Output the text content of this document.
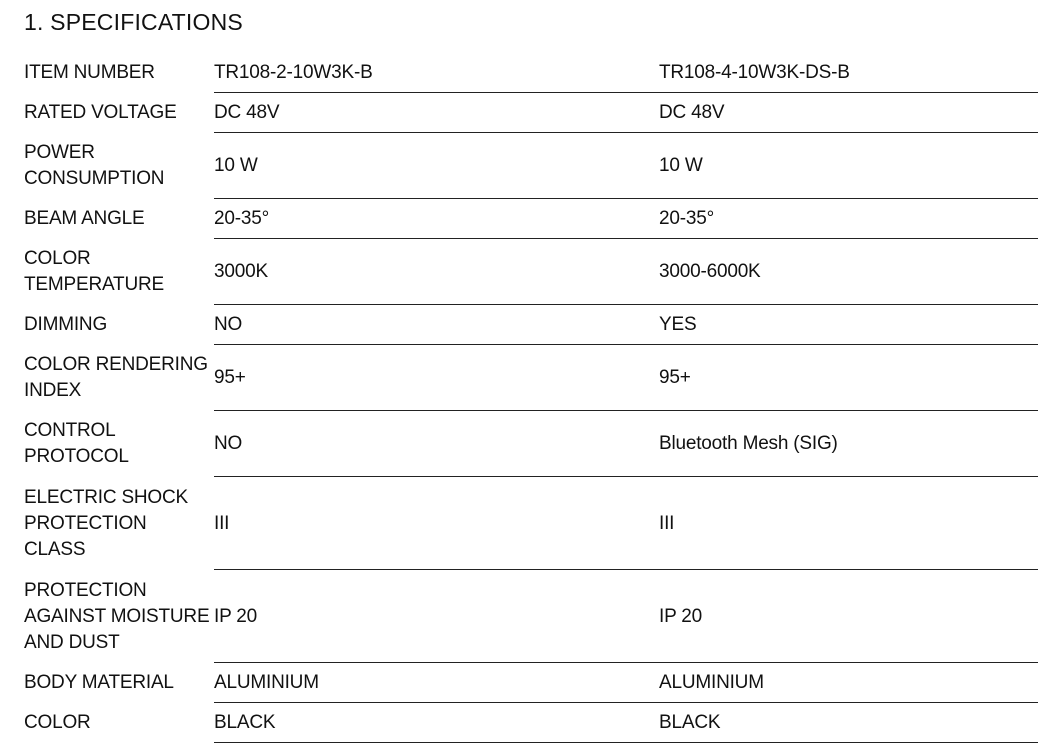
1. SPECIFICATIONS
ITEM NUMBER	TR108-2-10W3K-B	TR108-4-10W3K-DS-B
RATED VOLTAGE	DC 48V	DC 48V
POWER
CONSUMPTION
10 W	10 W
BEAM ANGLE	20-35°	20-35°
COLOR
TEMPERATURE
3000K	3000-6000K
DIMMING	NO	YES
COLOR RENDERING
INDEX
95+	95+
CONTROL
PROTOCOL
NO	Bluetooth Mesh (SIG)
ELECTRIC SHOCK
PROTECTION
CLASS
III	III
PROTECTION
AGAINST MOISTURE
AND DUST
IP 20	IP 20
BODY MATERIAL	ALUMINIUM	ALUMINIUM
COLOR	BLACK	BLACK
